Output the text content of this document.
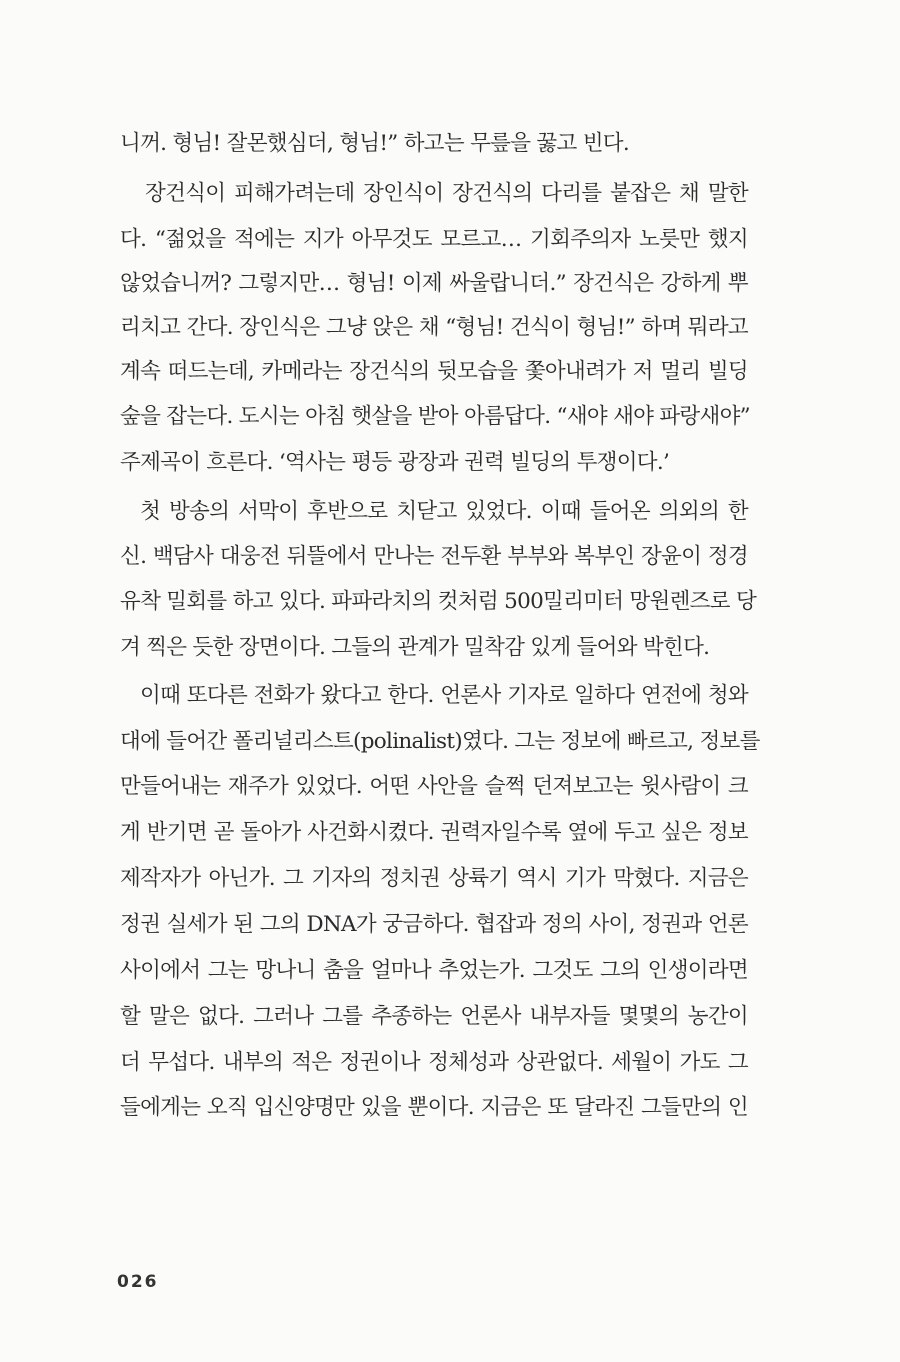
니꺼. 형님! 잘몬했심더, 형님!” 하고는 무릎을 꿇고 빈다.
장건식이 피해가려는데 장인식이 장건식의 다리를 붙잡은 채 말한
다. “젊었을 적에는 지가 아무것도 모르고… 기회주의자 노릇만 했지
않었습니꺼? 그렇지만… 형님! 이제 싸울랍니더.” 장건식은 강하게 뿌
리치고 간다. 장인식은 그냥 앉은 채 “형님! 건식이 형님!” 하며 뭐라고
계속 떠드는데, 카메라는 장건식의 뒷모습을 쫓아내려가 저 멀리 빌딩
숲을 잡는다. 도시는 아침 햇살을 받아 아름답다. “새야 새야 파랑새야”
주제곡이 흐른다. ‘역사는 평등 광장과 권력 빌딩의 투쟁이다.’
첫 방송의 서막이 후반으로 치닫고 있었다. 이때 들어온 의외의 한
신. 백담사 대웅전 뒤뜰에서 만나는 전두환 부부와 복부인 장윤이 정경
유착 밀회를 하고 있다. 파파라치의 컷처럼 500밀리미터 망원렌즈로 당
겨 찍은 듯한 장면이다. 그들의 관계가 밀착감 있게 들어와 박힌다.
이때 또다른 전화가 왔다고 한다. 언론사 기자로 일하다 연전에 청와
대에 들어간 폴리널리스트(polinalist)였다. 그는 정보에 빠르고, 정보를
만들어내는 재주가 있었다. 어떤 사안을 슬쩍 던져보고는 윗사람이 크
게 반기면 곧 돌아가 사건화시켰다. 권력자일수록 옆에 두고 싶은 정보
제작자가 아닌가. 그 기자의 정치권 상륙기 역시 기가 막혔다. 지금은
정권 실세가 된 그의 DNA가 궁금하다. 협잡과 정의 사이, 정권과 언론
사이에서 그는 망나니 춤을 얼마나 추었는가. 그것도 그의 인생이라면
할 말은 없다. 그러나 그를 추종하는 언론사 내부자들 몇몇의 농간이
더 무섭다. 내부의 적은 정권이나 정체성과 상관없다. 세월이 가도 그
들에게는 오직 입신양명만 있을 뿐이다. 지금은 또 달라진 그들만의 인
026
